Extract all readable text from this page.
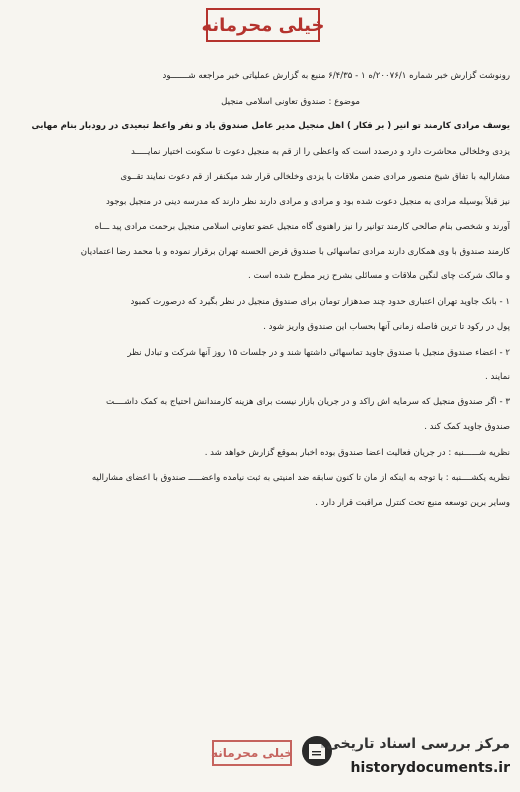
خیلی محرمانه
رونوشت گزارش خبر شماره ۲۰۰۷۶/۱/ه ۱ - ۶/۴/۳۵ منبع به گزارش عملیاتی خبر مراجعه شـــــــود
موضوع : صندوق تعاونی اسلامی منجیل
یوسف مرادی کارمند تو انیر ( بر قکار ) اهل منجیل مدیر عامل صندوق یاد و نفر واعظ تبعیدی در رودبار بنام مهابی
یزدی وخلخالی محاشرت دارد و درصدد است که واعظی را از قم به منجیل دعوت تا سکونت اختیار نمایـــــد
مشارالیه با تفاق شیخ منصور مرادی ضمن ملاقات با یزدی وخلخالی قرار شد میکنفر از قم دعوت نمایند تقــوی
نیز قبلاً بوسیله مرادی به منجیل دعوت شده بود و مرادی و مرادی دارند نظر دارند که مدرسه دینی در منجیل بوجود
آورند و شخصی بنام صالحی کارمند توانیر را نیز راهنوی گاه منجیل عضو تعاونی اسلامی منجیل برحمت مرادی پید ـــاه
کارمند صندوق با وی همکاری دارند مرادی تماسهائی با صندوق قرض الحسنه تهران برقرار نموده و با محمد رضا اعتمادیان
و مالک شرکت چای لنگین ملاقات و مسائلی بشرح زیر مطرح شده است .
۱ - بانک جاوید تهران اعتباری حدود چند صدهزار تومان برای صندوق منجیل در نظر بگیرد که درصورت کمبود
پول در رکود تا ترین فاصله زمانی آنها بحساب این صندوق واریز شود .
۲ - اعضاء صندوق منجیل با صندوق جاوید تماسهائی داشتها شند و در جلسات ۱۵ روز آنها شرکت و تبادل نظر
نمایند .
۳ - اگر صندوق منجیل که سرمایه اش راکد و در جریان بازار نیست برای هزینه کارمندانش احتیاج به کمک داشــــت
صندوق جاوید کمک کند .
نظریه شــــــنبه : در جریان فعالیت اعضا صندوق بوده اخبار بموقع گزارش خواهد شد .
نظریه یکشــــنبه : با توجه به اینکه از مان تا کنون سابقه ضد امنیتی به ثبت نیامده واعضـــــ صندوق با اعضای مشارالیه
وسایر برین توسعه منبع تحت کنترل مراقبت قرار دارد .
خیلی محرمانه
مرکز بررسی اسناد تاریخی
historydocuments.ir
